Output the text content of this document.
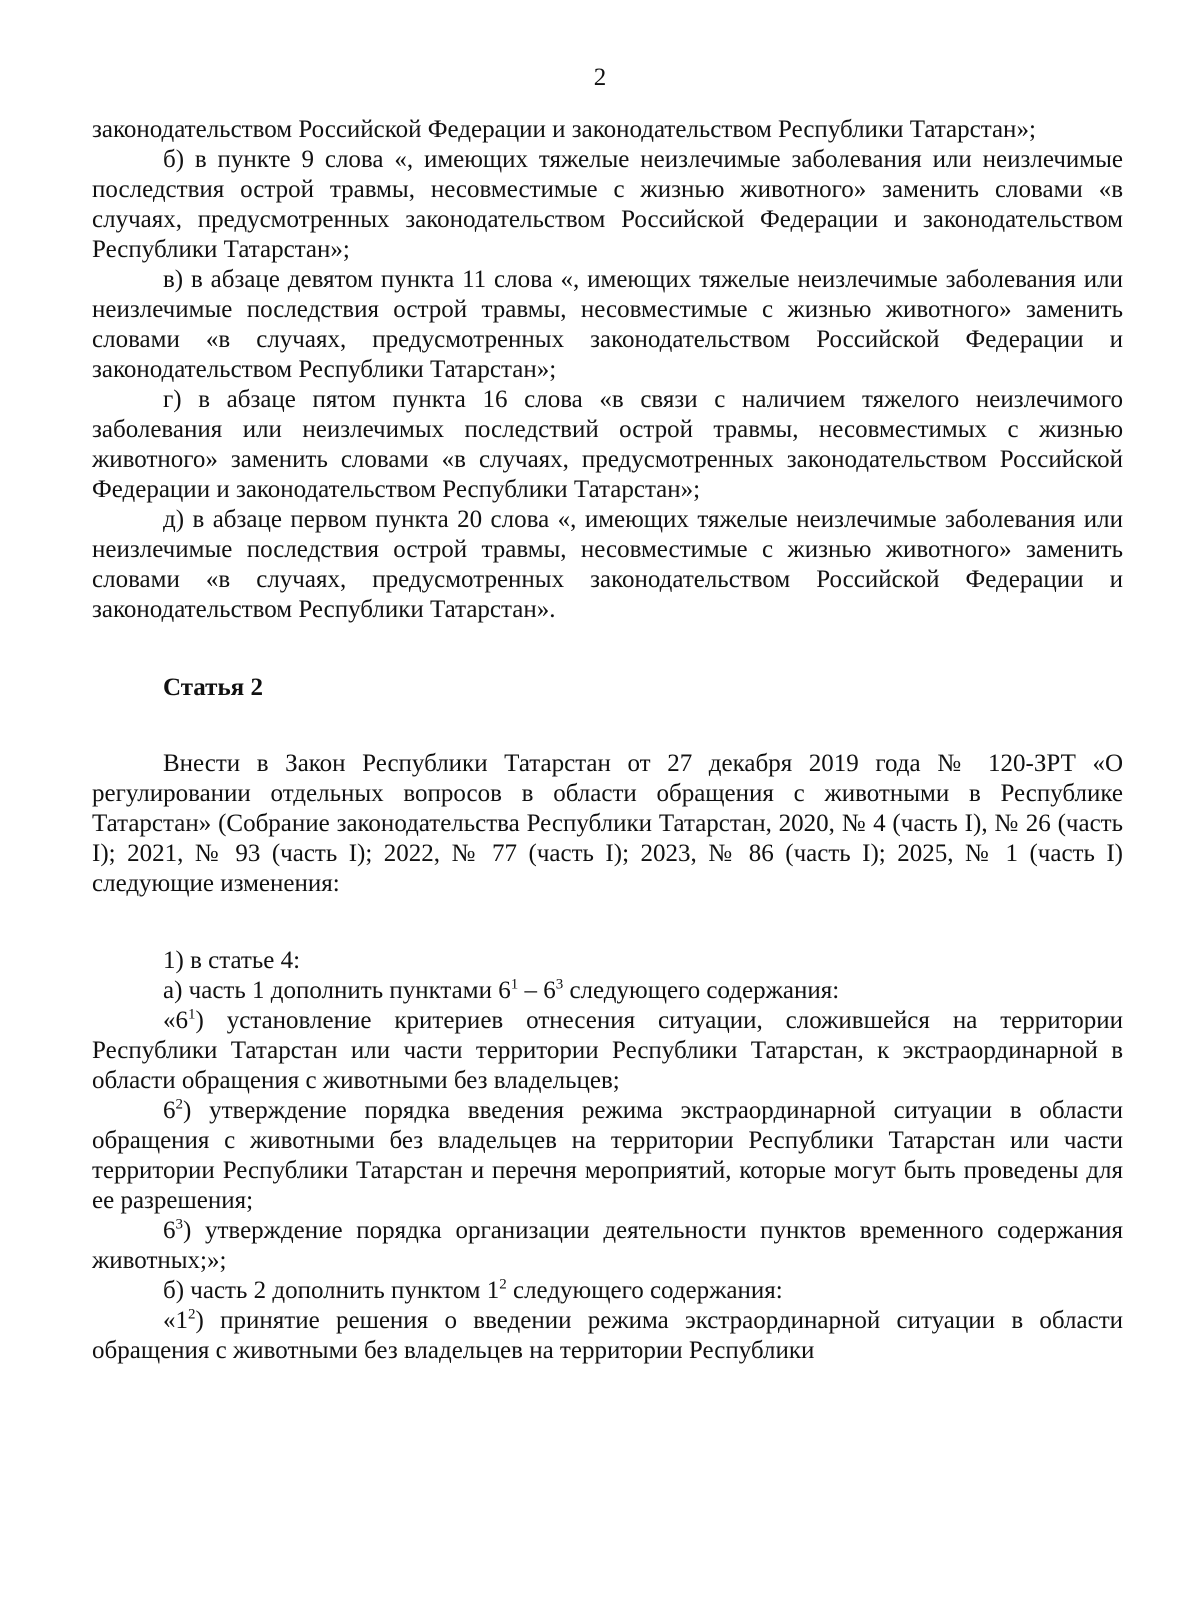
2

законодательством Российской Федерации и законодательством Республики Татарстан»;

б) в пункте 9 слова «, имеющих тяжелые неизлечимые заболевания или неизлечимые последствия острой травмы, несовместимые с жизнью животного» заменить словами «в случаях, предусмотренных законодательством Российской Федерации и законодательством Республики Татарстан»;

в) в абзаце девятом пункта 11 слова «, имеющих тяжелые неизлечимые заболевания или неизлечимые последствия острой травмы, несовместимые с жизнью животного» заменить словами «в случаях, предусмотренных законодательством Российской Федерации и законодательством Республики Татарстан»;

г) в абзаце пятом пункта 16 слова «в связи с наличием тяжелого неизлечимого заболевания или неизлечимых последствий острой травмы, несовместимых с жизнью животного» заменить словами «в случаях, предусмотренных законодательством Российской Федерации и законодательством Республики Татарстан»;

д) в абзаце первом пункта 20 слова «, имеющих тяжелые неизлечимые заболевания или неизлечимые последствия острой травмы, несовместимые с жизнью животного» заменить словами «в случаях, предусмотренных законодательством Российской Федерации и законодательством Республики Татарстан».

Статья 2

Внести в Закон Республики Татарстан от 27 декабря 2019 года № 120-ЗРТ «О регулировании отдельных вопросов в области обращения с животными в Республике Татарстан» (Собрание законодательства Республики Татарстан, 2020, № 4 (часть I), № 26 (часть I); 2021, № 93 (часть I); 2022, № 77 (часть I); 2023, № 86 (часть I); 2025, № 1 (часть I) следующие изменения:

1) в статье 4:

а) часть 1 дополнить пунктами $6^1 - 6^3$ следующего содержания:

«$6^1$) установление критериев отнесения ситуации, сложившейся на территории Республики Татарстан или части территории Республики Татарстан, к экстраординарной в области обращения с животными без владельцев;

$6^2$) утверждение порядка введения режима экстраординарной ситуации в области обращения с животными без владельцев на территории Республики Татарстан или части территории Республики Татарстан и перечня мероприятий, которые могут быть проведены для ее разрешения;

$6^3$) утверждение порядка организации деятельности пунктов временного содержания животных;»;

б) часть 2 дополнить пунктом $1^2$ следующего содержания:

«$1^2$) принятие решения о введении режима экстраординарной ситуации в области обращения с животными без владельцев на территории Республики
